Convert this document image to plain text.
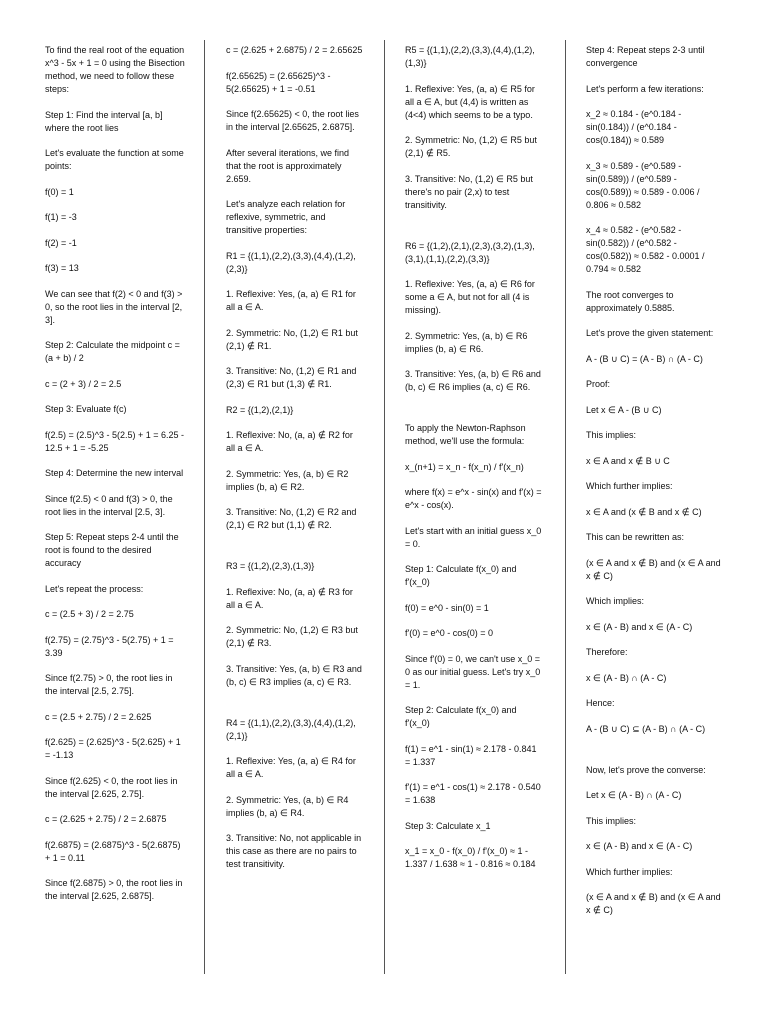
To find the real root of the equation x^3 - 5x + 1 = 0 using the Bisection method, we need to follow these steps:

Step 1: Find the interval [a, b] where the root lies

Let's evaluate the function at some points:

f(0) = 1

f(1) = -3

f(2) = -1

f(3) = 13

We can see that f(2) < 0 and f(3) > 0, so the root lies in the interval [2, 3].

Step 2: Calculate the midpoint c = (a + b) / 2

c = (2 + 3) / 2 = 2.5

Step 3: Evaluate f(c)

f(2.5) = (2.5)^3 - 5(2.5) + 1 = 6.25 - 12.5 + 1 = -5.25

Step 4: Determine the new interval

Since f(2.5) < 0 and f(3) > 0, the root lies in the interval [2.5, 3].

Step 5: Repeat steps 2-4 until the root is found to the desired accuracy

Let's repeat the process:

c = (2.5 + 3) / 2 = 2.75

f(2.75) = (2.75)^3 - 5(2.75) + 1 = 3.39

Since f(2.75) > 0, the root lies in the interval [2.5, 2.75].

c = (2.5 + 2.75) / 2 = 2.625

f(2.625) = (2.625)^3 - 5(2.625) + 1 = -1.13

Since f(2.625) < 0, the root lies in the interval [2.625, 2.75].

c = (2.625 + 2.75) / 2 = 2.6875

f(2.6875) = (2.6875)^3 - 5(2.6875) + 1 = 0.11

Since f(2.6875) > 0, the root lies in the interval [2.625, 2.6875].

c = (2.625 + 2.6875) / 2 = 2.65625

f(2.65625) = (2.65625)^3 - 5(2.65625) + 1 = -0.51

Since f(2.65625) < 0, the root lies in the interval [2.65625, 2.6875].

After several iterations, we find that the root is approximately 2.659.

Let's analyze each relation for reflexive, symmetric, and transitive properties:

R1 = {(1,1),(2,2),(3,3),(4,4),(1,2),(2,3)}

1. Reflexive: Yes, (a, a) ∈ R1 for all a ∈ A.

2. Symmetric: No, (1,2) ∈ R1 but (2,1) ∉ R1.

3. Transitive: No, (1,2) ∈ R1 and (2,3) ∈ R1 but (1,3) ∉ R1.

R2 = {(1,2),(2,1)}

1. Reflexive: No, (a, a) ∉ R2 for all a ∈ A.

2. Symmetric: Yes, (a, b) ∈ R2 implies (b, a) ∈ R2.

3. Transitive: No, (1,2) ∈ R2 and (2,1) ∈ R2 but (1,1) ∉ R2.

R3 = {(1,2),(2,3),(1,3)}

1. Reflexive: No, (a, a) ∉ R3 for all a ∈ A.

2. Symmetric: No, (1,2) ∈ R3 but (2,1) ∉ R3.

3. Transitive: Yes, (a, b) ∈ R3 and (b, c) ∈ R3 implies (a, c) ∈ R3.

R4 = {(1,1),(2,2),(3,3),(4,4),(1,2),(2,1)}

1. Reflexive: Yes, (a, a) ∈ R4 for all a ∈ A.

2. Symmetric: Yes, (a, b) ∈ R4 implies (b, a) ∈ R4.

3. Transitive: No, not applicable in this case as there are no pairs to test transitivity.

R5 = {(1,1),(2,2),(3,3),(4,4),(1,2),(1,3)}

1. Reflexive: Yes, (a, a) ∈ R5 for all a ∈ A, but (4,4) is written as (4<4) which seems to be a typo.

2. Symmetric: No, (1,2) ∈ R5 but (2,1) ∉ R5.

3. Transitive: No, (1,2) ∈ R5 but there's no pair (2,x) to test transitivity.

R6 = {(1,2),(2,1),(2,3),(3,2),(1,3),(3,1),(1,1),(2,2),(3,3)}

1. Reflexive: Yes, (a, a) ∈ R6 for some a ∈ A, but not for all (4 is missing).

2. Symmetric: Yes, (a, b) ∈ R6 implies (b, a) ∈ R6.

3. Transitive: Yes, (a, b) ∈ R6 and (b, c) ∈ R6 implies (a, c) ∈ R6.

To apply the Newton-Raphson method, we'll use the formula:

x_(n+1) = x_n - f(x_n) / f'(x_n)

where f(x) = e^x - sin(x) and f'(x) = e^x - cos(x).

Let's start with an initial guess x_0 = 0.

Step 1: Calculate f(x_0) and f'(x_0)

f(0) = e^0 - sin(0) = 1

f'(0) = e^0 - cos(0) = 0

Since f'(0) = 0, we can't use x_0 = 0 as our initial guess. Let's try x_0 = 1.

Step 2: Calculate f(x_0) and f'(x_0)

f(1) = e^1 - sin(1) ≈ 2.178 - 0.841 = 1.337

f'(1) = e^1 - cos(1) ≈ 2.178 - 0.540 = 1.638

Step 3: Calculate x_1

x_1 = x_0 - f(x_0) / f'(x_0) ≈ 1 - 1.337 / 1.638 ≈ 1 - 0.816 ≈ 0.184

Step 4: Repeat steps 2-3 until convergence

Let's perform a few iterations:

x_2 ≈ 0.184 - (e^0.184 - sin(0.184)) / (e^0.184 - cos(0.184)) ≈ 0.589

x_3 ≈ 0.589 - (e^0.589 - sin(0.589)) / (e^0.589 - cos(0.589)) ≈ 0.589 - 0.006 / 0.806 ≈ 0.582

x_4 ≈ 0.582 - (e^0.582 - sin(0.582)) / (e^0.582 - cos(0.582)) ≈ 0.582 - 0.0001 / 0.794 ≈ 0.582

The root converges to approximately 0.5885.

Let's prove the given statement:

A - (B ∪ C) = (A - B) ∩ (A - C)

Proof:

Let x ∈ A - (B ∪ C)

This implies:

x ∈ A and x ∉ B ∪ C

Which further implies:

x ∈ A and (x ∉ B and x ∉ C)

This can be rewritten as:

(x ∈ A and x ∉ B) and (x ∈ A and x ∉ C)

Which implies:

x ∈ (A - B) and x ∈ (A - C)

Therefore:

x ∈ (A - B) ∩ (A - C)

Hence:

A - (B ∪ C) ⊆ (A - B) ∩ (A - C)

Now, let's prove the converse:

Let x ∈ (A - B) ∩ (A - C)

This implies:

x ∈ (A - B) and x ∈ (A - C)

Which further implies:

(x ∈ A and x ∉ B) and (x ∈ A and x ∉ C)
